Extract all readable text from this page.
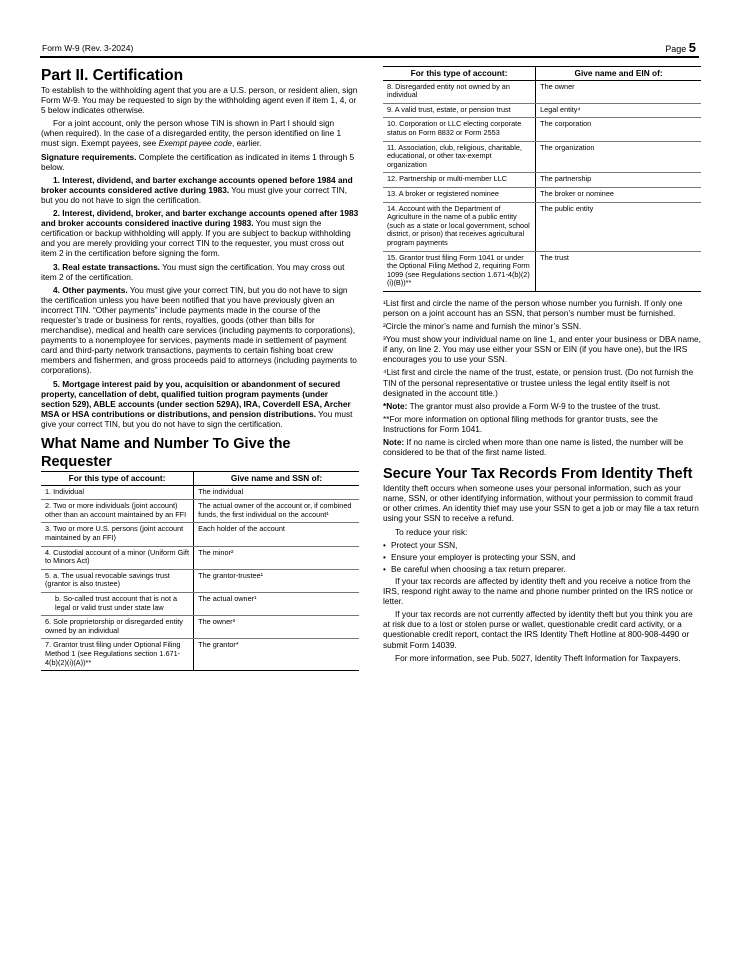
Form W-9 (Rev. 3-2024)	Page 5
Part II. Certification

To establish to the withholding agent that you are a U.S. person, or resident alien, sign Form W-9. You may be requested to sign by the withholding agent even if item 1, 4, or 5 below indicates otherwise.

For a joint account, only the person whose TIN is shown in Part I should sign (when required). In the case of a disregarded entity, the person identified on line 1 must sign. Exempt payees, see Exempt payee code, earlier.

Signature requirements. Complete the certification as indicated in items 1 through 5 below.

1. Interest, dividend, and barter exchange accounts opened before 1984 and broker accounts considered active during 1983. You must give your correct TIN, but you do not have to sign the certification.

2. Interest, dividend, broker, and barter exchange accounts opened after 1983 and broker accounts considered inactive during 1983. You must sign the certification or backup withholding will apply. If you are subject to backup withholding and you are merely providing your correct TIN to the requester, you must cross out item 2 in the certification before signing the form.

3. Real estate transactions. You must sign the certification. You may cross out item 2 of the certification.

4. Other payments. You must give your correct TIN, but you do not have to sign the certification unless you have been notified that you have previously given an incorrect TIN. “Other payments” include payments made in the course of the requester’s trade or business for rents, royalties, goods (other than bills for merchandise), medical and health care services (including payments to corporations), payments to a nonemployee for services, payments made in settlement of payment card and third-party network transactions, payments to certain fishing boat crew members and fishermen, and gross proceeds paid to attorneys (including payments to corporations).

5. Mortgage interest paid by you, acquisition or abandonment of secured property, cancellation of debt, qualified tuition program payments (under section 529), ABLE accounts (under section 529A), IRA, Coverdell ESA, Archer MSA or HSA contributions or distributions, and pension distributions. You must give your correct TIN, but you do not have to sign the certification.

What Name and Number To Give the Requester
For this type of account:	Give name and SSN of:
1. Individual	The individual
2. Two or more individuals (joint account) other than an account maintained by an FFI	The actual owner of the account or, if combined funds, the first individual on the account¹
3. Two or more U.S. persons (joint account maintained by an FFI)	Each holder of the account
4. Custodial account of a minor (Uniform Gift to Minors Act)	The minor²
5. a. The usual revocable savings trust (grantor is also trustee)	The grantor-trustee¹
b. So-called trust account that is not a legal or valid trust under state law	The actual owner¹
6. Sole proprietorship or disregarded entity owned by an individual	The owner³
7. Grantor trust filing under Optional Filing Method 1 (see Regulations section 1.671-4(b)(2)(i)(A))**	The grantor*
For this type of account:	Give name and EIN of:
8. Disregarded entity not owned by an individual	The owner
9. A valid trust, estate, or pension trust	Legal entity⁴
10. Corporation or LLC electing corporate status on Form 8832 or Form 2553	The corporation
11. Association, club, religious, charitable, educational, or other tax-exempt organization	The organization
12. Partnership or multi-member LLC	The partnership
13. A broker or registered nominee	The broker or nominee
14. Account with the Department of Agriculture in the name of a public entity (such as a state or local government, school district, or prison) that receives agricultural program payments	The public entity
15. Grantor trust filing Form 1041 or under the Optional Filing Method 2, requiring Form 1099 (see Regulations section 1.671-4(b)(2)(i)(B))**	The trust

¹List first and circle the name of the person whose number you furnish. If only one person on a joint account has an SSN, that person’s number must be furnished.

²Circle the minor’s name and furnish the minor’s SSN.

³You must show your individual name on line 1, and enter your business or DBA name, if any, on line 2. You may use either your SSN or EIN (if you have one), but the IRS encourages you to use your SSN.

⁴List first and circle the name of the trust, estate, or pension trust. (Do not furnish the TIN of the personal representative or trustee unless the legal entity itself is not designated in the account title.)

*Note: The grantor must also provide a Form W-9 to the trustee of the trust.

**For more information on optional filing methods for grantor trusts, see the Instructions for Form 1041.

Note: If no name is circled when more than one name is listed, the number will be considered to be that of the first name listed.

Secure Your Tax Records From Identity Theft

Identity theft occurs when someone uses your personal information, such as your name, SSN, or other identifying information, without your permission to commit fraud or other crimes. An identity thief may use your SSN to get a job or may file a tax return using your SSN to receive a refund.

To reduce your risk:

• Protect your SSN,

• Ensure your employer is protecting your SSN, and

• Be careful when choosing a tax return preparer.

If your tax records are affected by identity theft and you receive a notice from the IRS, respond right away to the name and phone number printed on the IRS notice or letter.

If your tax records are not currently affected by identity theft but you think you are at risk due to a lost or stolen purse or wallet, questionable credit card activity, or a questionable credit report, contact the IRS Identity Theft Hotline at 800-908-4490 or submit Form 14039.

For more information, see Pub. 5027, Identity Theft Information for Taxpayers.
